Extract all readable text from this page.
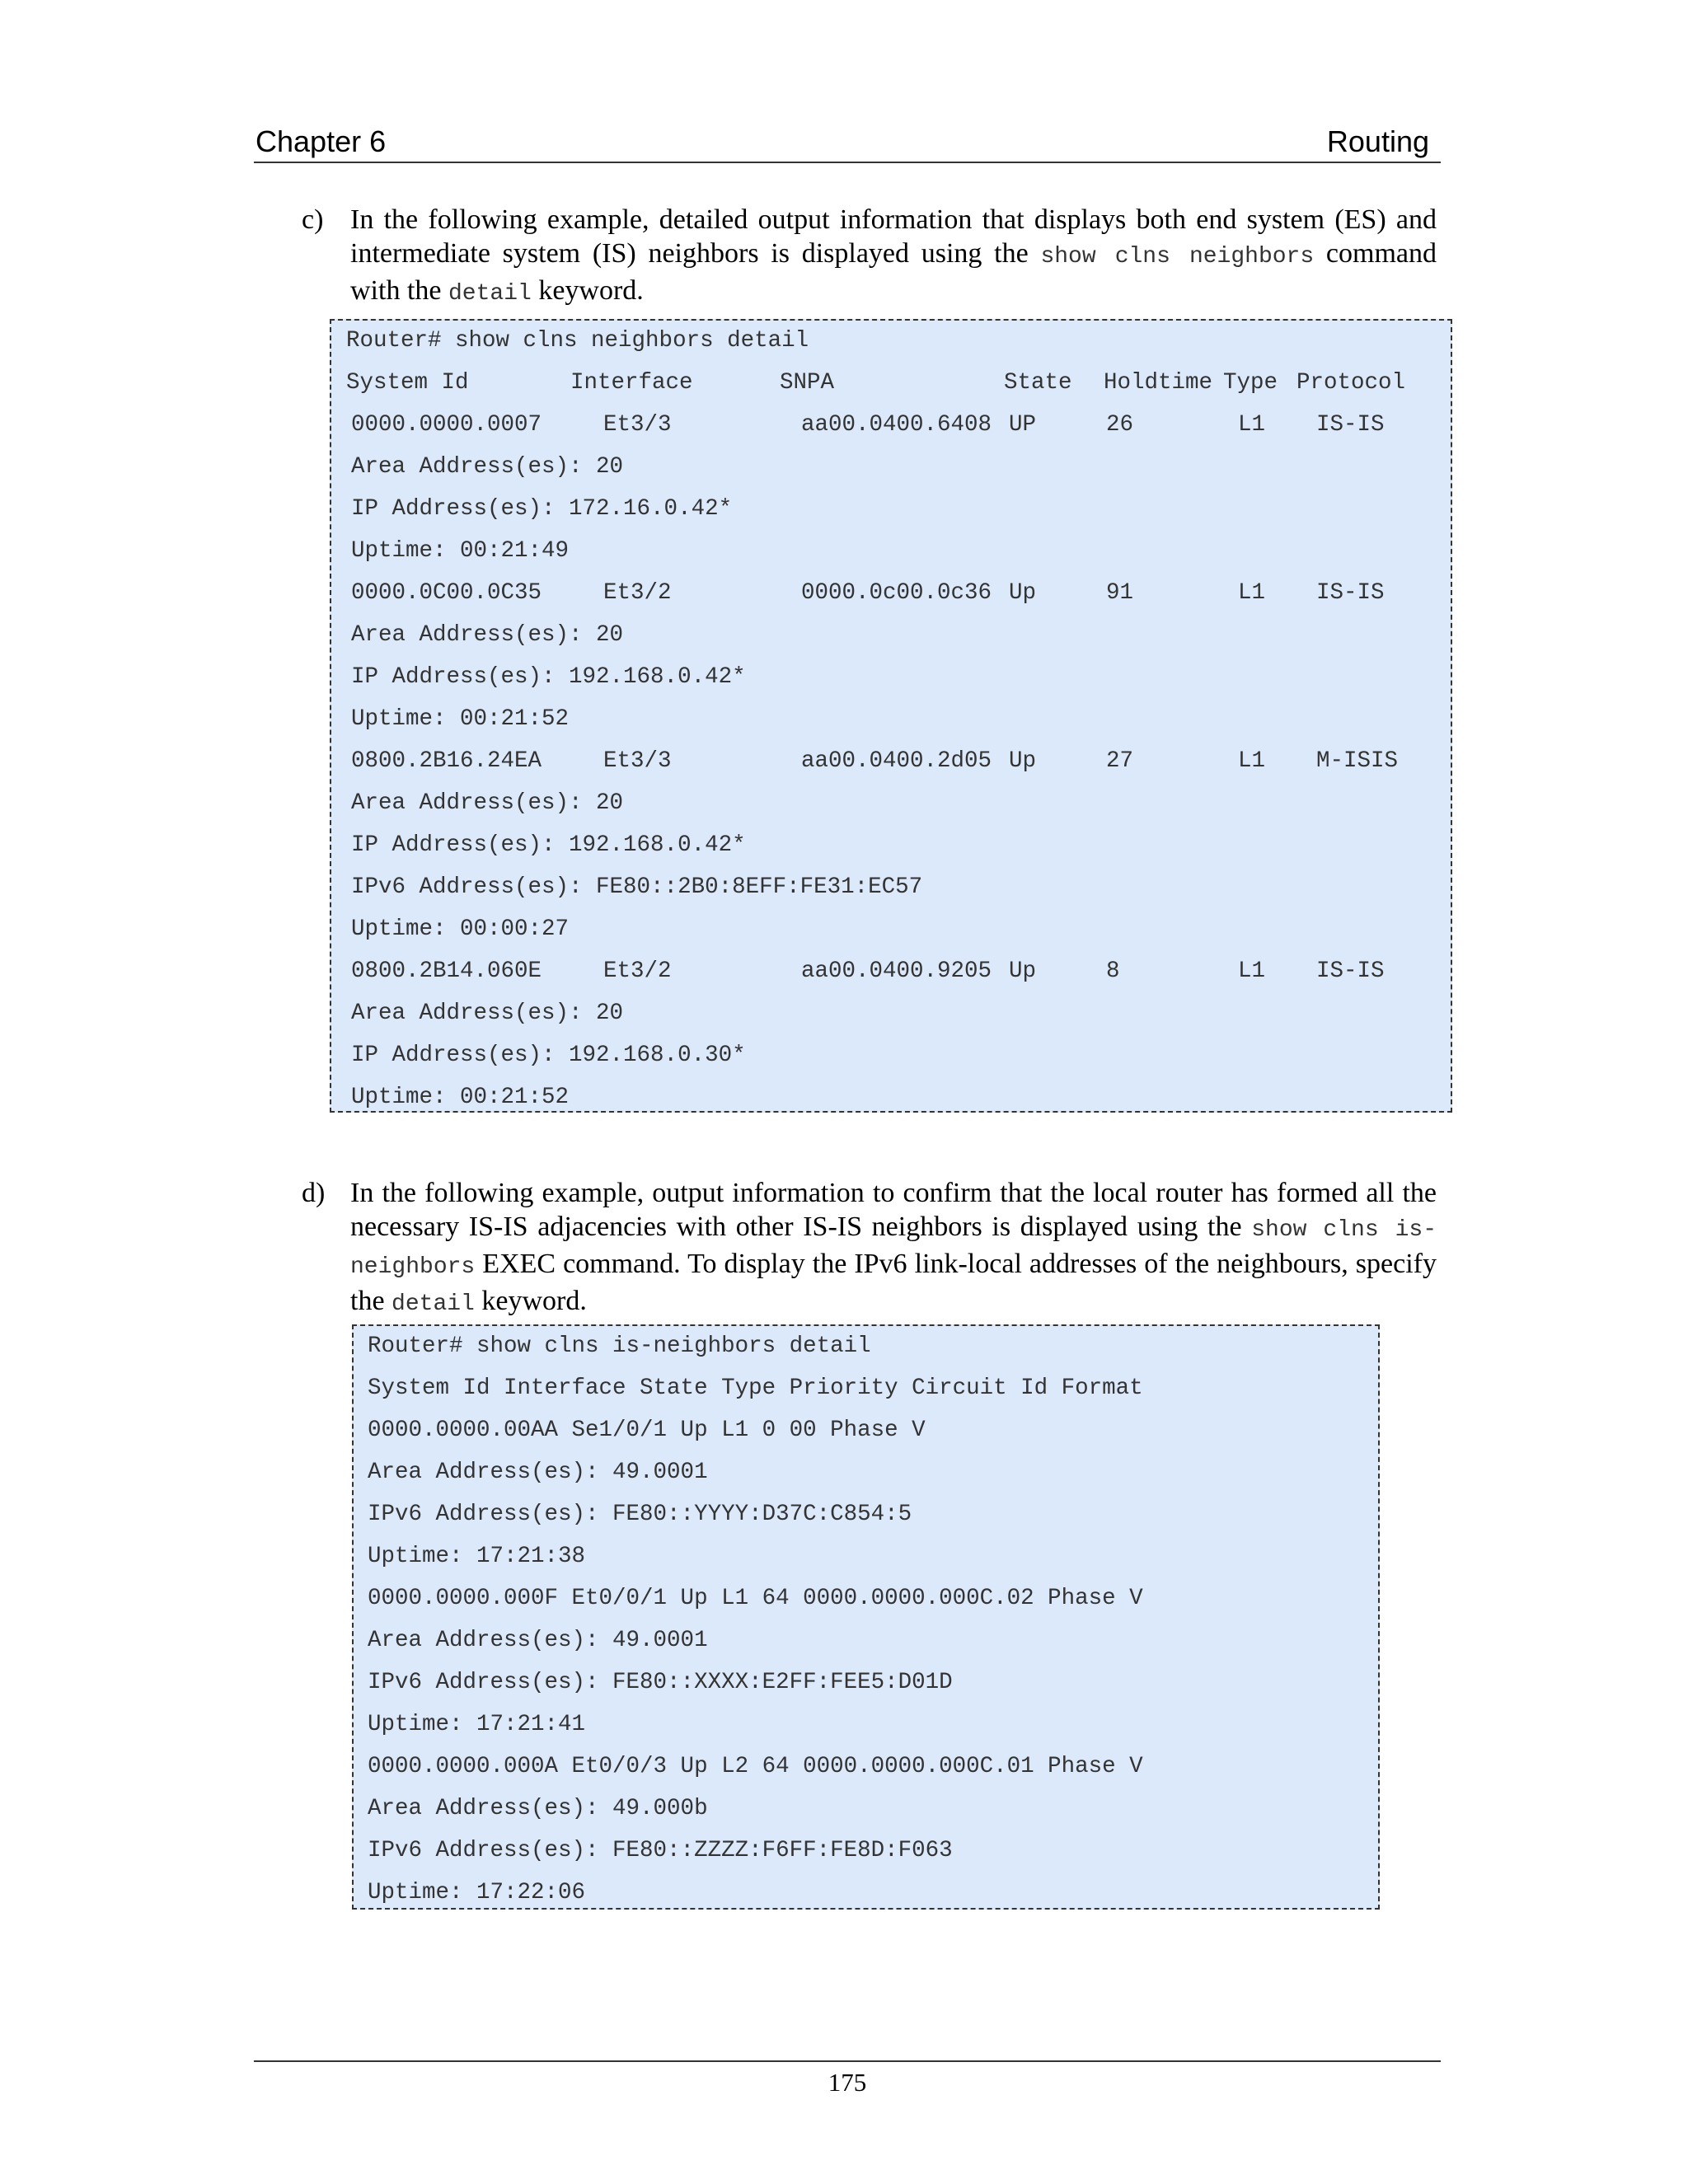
Chapter 6	Routing
c) In the following example, detailed output information that displays both end system (ES) and intermediate system (IS) neighbors is displayed using the show clns neighbors command with the detail keyword.
Router# show clns neighbors detail
System Id	Interface	SNPA	State Holdtime Type Protocol
0000.0000.0007	Et3/3	aa00.0400.6408 UP	26	L1 IS-IS
Area Address(es): 20
IP Address(es): 172.16.0.42*
Uptime: 00:21:49
0000.0C00.0C35	Et3/2	0000.0c00.0c36 Up	91	L1 IS-IS
Area Address(es): 20
IP Address(es): 192.168.0.42*
Uptime: 00:21:52
0800.2B16.24EA	Et3/3	aa00.0400.2d05 Up	27	L1 M-ISIS
Area Address(es): 20
IP Address(es): 192.168.0.42*
IPv6 Address(es): FE80::2B0:8EFF:FE31:EC57
Uptime: 00:00:27
0800.2B14.060E	Et3/2	aa00.0400.9205 Up	8	L1 IS-IS
Area Address(es): 20
IP Address(es): 192.168.0.30*
Uptime: 00:21:52
d) In the following example, output information to confirm that the local router has formed all the necessary IS-IS adjacencies with other IS-IS neighbors is displayed using the show clns is-neighbors EXEC command. To display the IPv6 link-local addresses of the neighbours, specify the detail keyword.
Router# show clns is-neighbors detail
System Id Interface State Type Priority Circuit Id Format
0000.0000.00AA Se1/0/1 Up L1 0 00 Phase V
Area Address(es): 49.0001
IPv6 Address(es): FE80::YYYY:D37C:C854:5
Uptime: 17:21:38
0000.0000.000F Et0/0/1 Up L1 64 0000.0000.000C.02 Phase V
Area Address(es): 49.0001
IPv6 Address(es): FE80::XXXX:E2FF:FEE5:D01D
Uptime: 17:21:41
0000.0000.000A Et0/0/3 Up L2 64 0000.0000.000C.01 Phase V
Area Address(es): 49.000b
IPv6 Address(es): FE80::ZZZZ:F6FF:FE8D:F063
Uptime: 17:22:06
175
